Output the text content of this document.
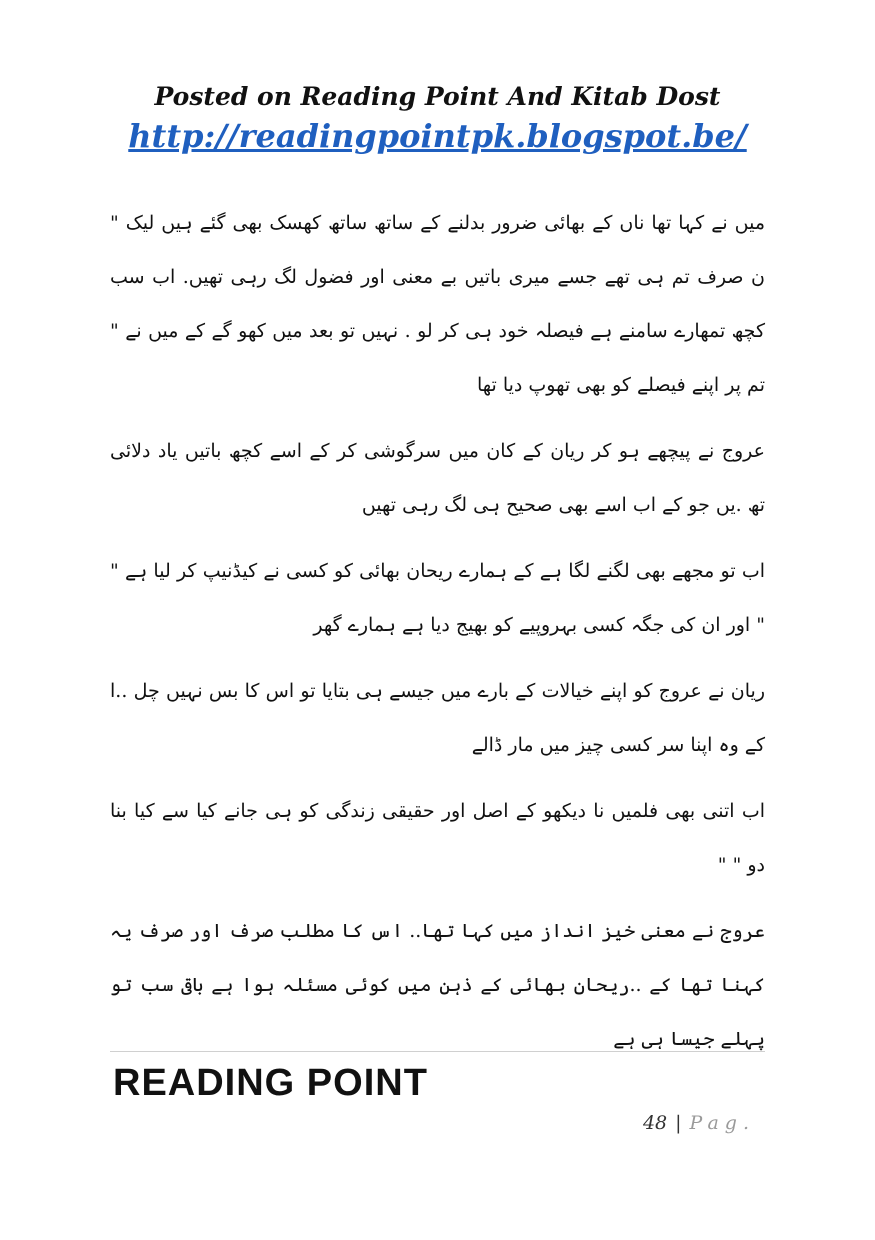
Posted on Reading Point And Kitab Dost
http://readingpointpk.blogspot.be/

میں نے کہا تھا ناں کے بھائی ضرور بدلنے کے ساتھ ساتھ کھسک بھی گئے ہیں لیک " ن صرف تم ہی تھے جسے میری باتیں بے معنی اور فضول لگ رہی تھیں. اب سب کچھ تمھارے سامنے ہے فیصلہ خود ہی کر لو . نہیں تو بعد میں کھو گے کے میں نے " تم پر اپنے فیصلے کو بھی تھوپ دیا تھا

عروج نے پیچھے ہو کر ریان کے کان میں سرگوشی کر کے اسے کچھ باتیں یاد دلائی تھ .یں جو کے اب اسے بھی صحیح ہی لگ رہی تھیں

اب تو مجھے بھی لگنے لگا ہے کے ہمارے ریحان بھائی کو کسی نے کیڈنیپ کر لیا ہے " " اور ان کی جگہ کسی بہروپیے کو بھیج دیا ہے ہمارے گھر

ریان نے عروج کو اپنے خیالات کے بارے میں جیسے ہی بتایا تو اس کا بس نہیں چل ..ا کے وہ اپنا سر کسی چیز میں مار ڈالے

اب اتنی بھی فلمیں نا دیکھو کے اصل اور حقیقی زندگی کو ہی جانے کیا سے کیا بنا دو " "

عروج نے معنی خیز انداز میں کہا تھا.. اس کا مطلب صرف اور صرف یہ کہنا تھا کے ..ریحان بھائی کے ذہن میں کوئی مسئلہ ہوا ہے باقی سب تو پہلے جیسا ہی ہے

READING POINT
48 | Pag.
